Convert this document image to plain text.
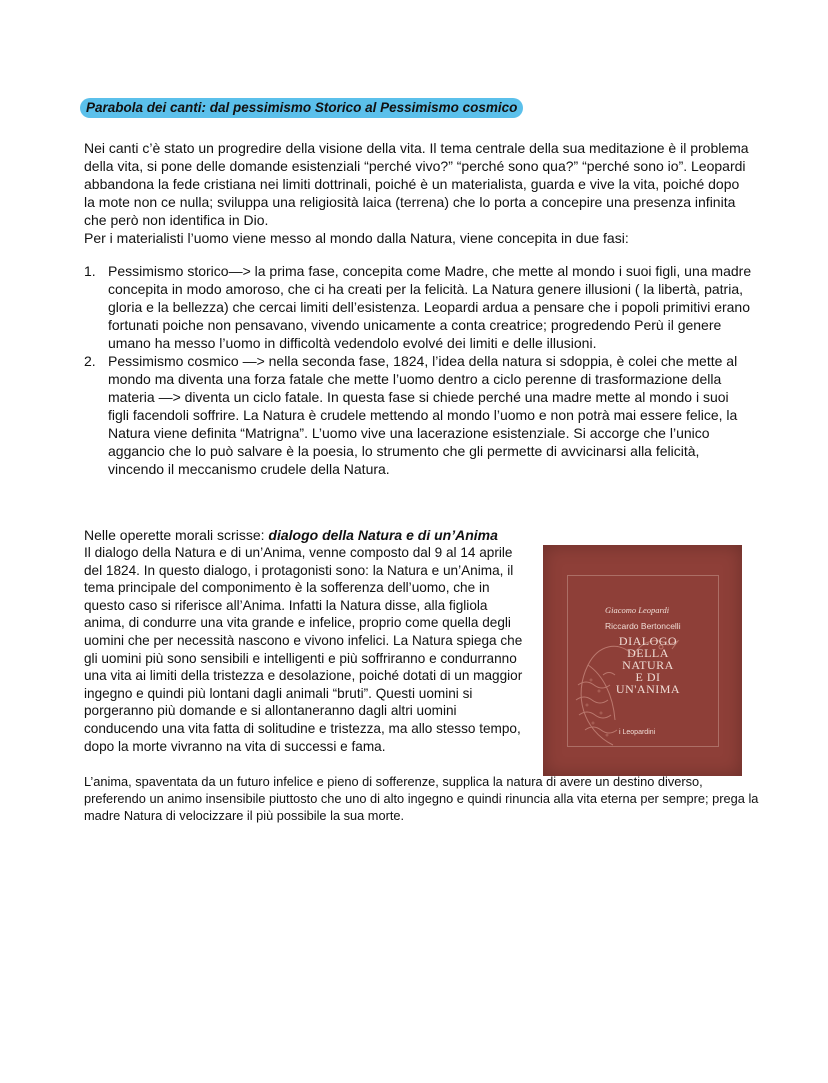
Parabola dei canti: dal pessimismo Storico al Pessimismo cosmico

Nei canti c’è stato un progredire della visione della vita. Il tema centrale della sua meditazione è il problema della vita, si pone delle domande esistenziali “perché vivo?” “perché sono qua?” “perché sono io”. Leopardi abbandona la fede cristiana nei limiti dottrinali, poiché è un materialista, guarda e vive la vita, poiché dopo la mote non ce nulla; sviluppa una religiosità laica (terrena) che lo porta a concepire una presenza infinita che però non identifica in Dio.

Per i materialisti l’uomo viene messo al mondo dalla Natura, viene concepita in due fasi:

1. Pessimismo storico—> la prima fase, concepita come Madre, che mette al mondo i suoi figli, una madre concepita in modo amoroso, che ci ha creati per la felicità. La Natura genere illusioni ( la libertà, patria, gloria e la bellezza) che cercai limiti dell’esistenza. Leopardi ardua a pensare che i popoli primitivi erano fortunati poiche non pensavano, vivendo unicamente a conta creatrice; progredendo Perù il genere umano ha messo l’uomo in difficoltà vedendolo evolvé dei limiti e delle illusioni.
2. Pessimismo cosmico —> nella seconda fase, 1824, l’idea della natura si sdoppia, è colei che mette al mondo ma diventa una forza fatale che mette l’uomo dentro a ciclo perenne di trasformazione della materia —> diventa un ciclo fatale. In questa fase si chiede perché una madre mette al mondo i suoi figli facendoli soffrire. La Natura è crudele mettendo al mondo l’uomo e non potrà mai essere felice, la Natura viene definita “Matrigna”. L’uomo vive una lacerazione esistenziale. Si accorge che l’unico aggancio che lo può salvare è la poesia, lo strumento che gli permette di avvicinarsi alla felicità, vincendo il meccanismo crudele della Natura.

Nelle operette morali scrisse: dialogo della Natura e di un’Anima

Il dialogo della Natura e di un’Anima, venne composto dal 9 al 14 aprile del 1824. In questo dialogo, i protagonisti sono: la Natura e un’Anima, il tema principale del componimento è la sofferenza dell’uomo, che in questo caso si riferisce all’Anima. Infatti la Natura disse, alla figliola anima, di condurre una vita grande e infelice, proprio come quella degli uomini che per necessità nascono e vivono infelici. La Natura spiega che gli uomini più sono sensibili e intelligenti e più soffriranno e condurranno una vita ai limiti della tristezza e desolazione, poiché dotati di un maggior ingegno e quindi più lontani dagli animali “bruti”. Questi uomini si porgeranno più domande e si allontaneranno dagli altri uomini conducendo una vita fatta di solitudine e tristezza, ma allo stesso tempo, dopo la morte vivranno na vita di successi e fama.

Giacomo Leopardi
Riccardo Bertoncelli
DIALOGO
DELLA
NATURA
E DI
UN'ANIMA
i Leopardini

L’anima, spaventata da un futuro infelice e pieno di sofferenze, supplica la natura di avere un destino diverso, preferendo un animo insensibile piuttosto che uno di alto ingegno e quindi rinuncia alla vita eterna per sempre; prega la madre Natura di velocizzare il più possibile la sua morte.
